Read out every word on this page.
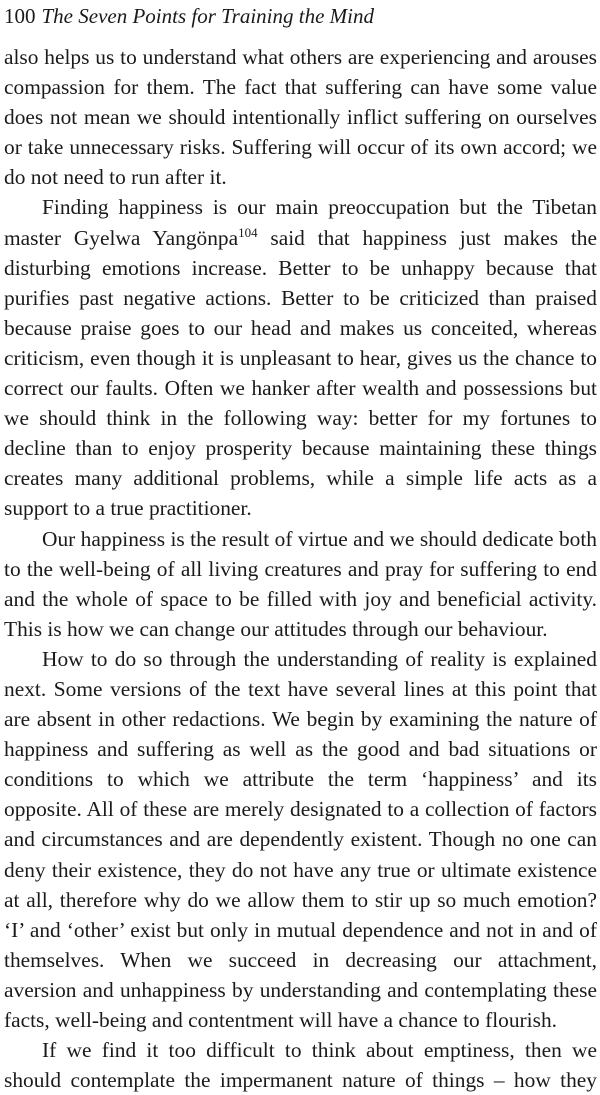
100 The Seven Points for Training the Mind

also helps us to understand what others are experiencing and arouses compassion for them. The fact that suffering can have some value does not mean we should intentionally inflict suffering on ourselves or take unnecessary risks. Suffering will occur of its own accord; we do not need to run after it.

Finding happiness is our main preoccupation but the Tibetan master Gyelwa Yangönpa$^{104}$ said that happiness just makes the disturbing emotions increase. Better to be unhappy because that purifies past negative actions. Better to be criticized than praised because praise goes to our head and makes us conceited, whereas criticism, even though it is unpleasant to hear, gives us the chance to correct our faults. Often we hanker after wealth and possessions but we should think in the following way: better for my fortunes to decline than to enjoy prosperity because maintaining these things creates many additional problems, while a simple life acts as a support to a true practitioner.

Our happiness is the result of virtue and we should dedicate both to the well-being of all living creatures and pray for suffering to end and the whole of space to be filled with joy and beneficial activity. This is how we can change our attitudes through our behaviour.

How to do so through the understanding of reality is explained next. Some versions of the text have several lines at this point that are absent in other redactions. We begin by examining the nature of happiness and suffering as well as the good and bad situations or conditions to which we attribute the term ‘happiness’ and its opposite. All of these are merely designated to a collection of factors and circumstances and are dependently existent. Though no one can deny their existence, they do not have any true or ultimate existence at all, therefore why do we allow them to stir up so much emotion? ‘I’ and ‘other’ exist but only in mutual dependence and not in and of themselves. When we succeed in decreasing our attachment, aversion and unhappiness by understanding and contemplating these facts, well-being and contentment will have a chance to flourish.

If we find it too difficult to think about emptiness, then we should contemplate the impermanent nature of things – how they
